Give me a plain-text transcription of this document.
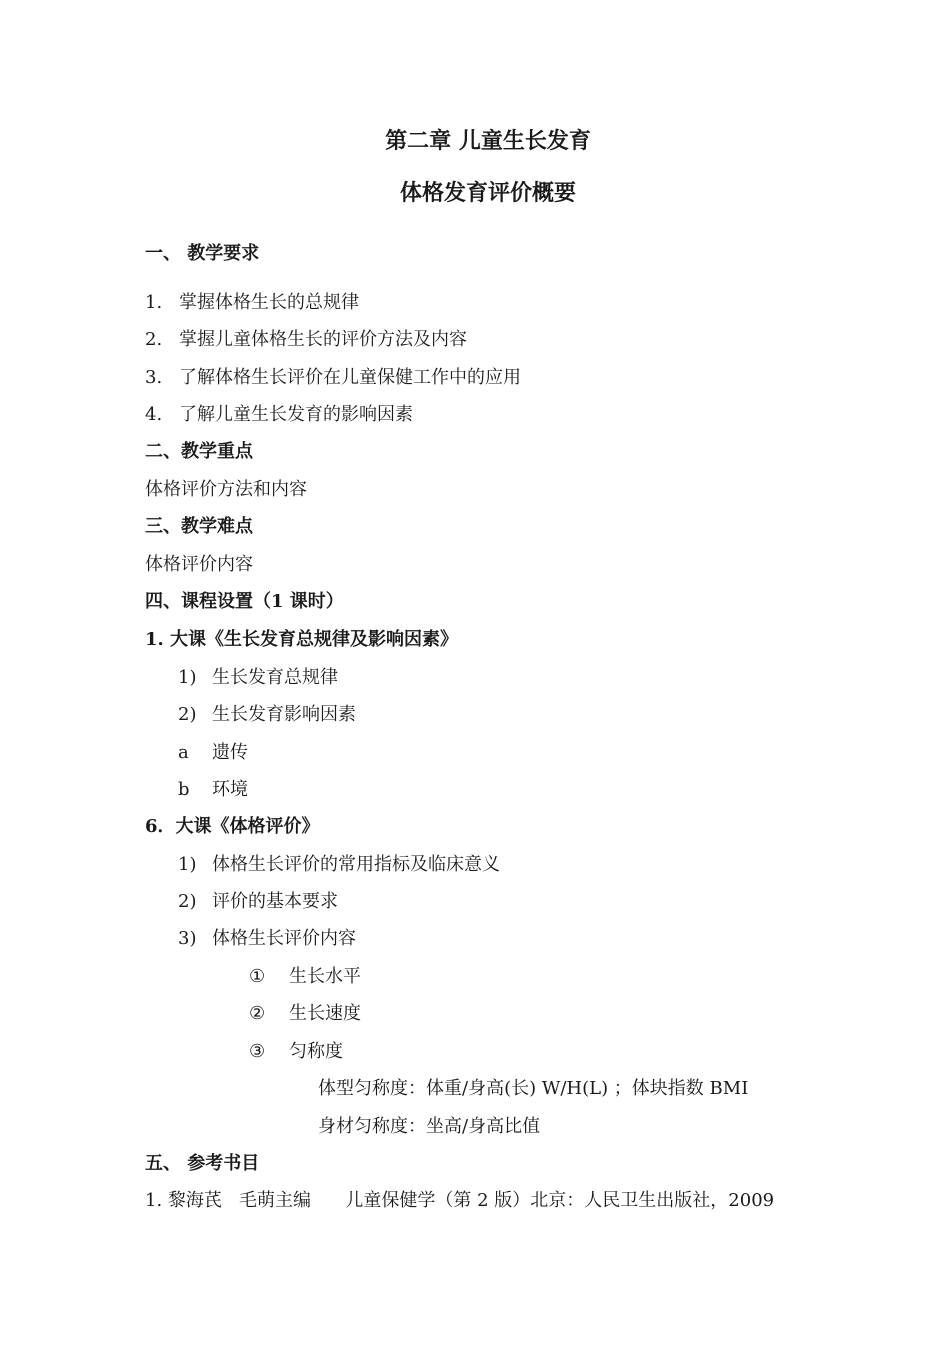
第二章 儿童生长发育
体格发育评价概要
一、 教学要求
1. 掌握体格生长的总规律
2. 掌握儿童体格生长的评价方法及内容
3. 了解体格生长评价在儿童保健工作中的应用
4. 了解儿童生长发育的影响因素
二、教学重点
体格评价方法和内容
三、教学难点
体格评价内容
四、课程设置（1 课时）
1. 大课《生长发育总规律及影响因素》
1) 生长发育总规律
2) 生长发育影响因素
a 遗传
b 环境
6．大课《体格评价》
1) 体格生长评价的常用指标及临床意义
2) 评价的基本要求
3) 体格生长评价内容
① 生长水平
② 生长速度
③ 匀称度
体型匀称度：体重/身高(长) W/H(L) ；体块指数 BMI
身材匀称度：坐高/身高比值
五、 参考书目
1. 黎海芪   毛萌主编      儿童保健学（第 2 版）北京：人民卫生出版社，2009
